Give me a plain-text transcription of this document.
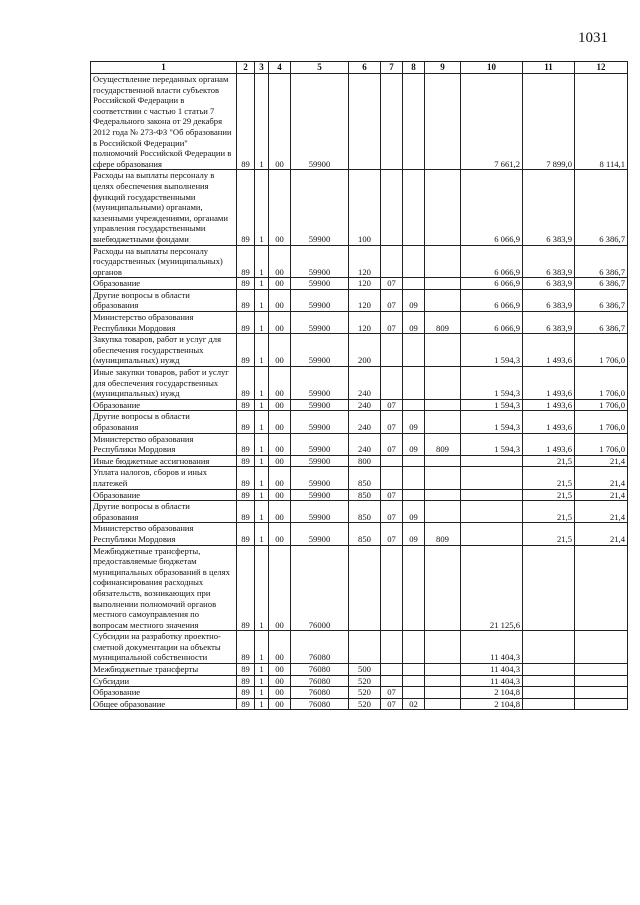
1031
1	2	3	4	5	6	7	8	9	10	11	12
Осуществление переданных органам государственной власти субъектов Российской Федерации в соответствии с частью 1 статьи 7 Федерального закона от 29 декабря 2012 года № 273-ФЗ "Об образовании в Российской Федерации" полномочий Российской Федерации в сфере образования	89	1	00	59900					7 661,2	7 899,0	8 114,1
Расходы на выплаты персоналу в целях обеспечения выполнения функций государственными (муниципальными) органами, казенными учреждениями, органами управления государственными внебюджетными фондами	89	1	00	59900	100				6 066,9	6 383,9	6 386,7
Расходы на выплаты персоналу государственных (муниципальных) органов	89	1	00	59900	120				6 066,9	6 383,9	6 386,7
Образование	89	1	00	59900	120	07			6 066,9	6 383,9	6 386,7
Другие вопросы в области образования	89	1	00	59900	120	07	09		6 066,9	6 383,9	6 386,7
Министерство образования Республики Мордовия	89	1	00	59900	120	07	09	809	6 066,9	6 383,9	6 386,7
Закупка товаров, работ и услуг для обеспечения государственных (муниципальных) нужд	89	1	00	59900	200				1 594,3	1 493,6	1 706,0
Иные закупки товаров, работ и услуг для обеспечения государственных (муниципальных) нужд	89	1	00	59900	240				1 594,3	1 493,6	1 706,0
Образование	89	1	00	59900	240	07			1 594,3	1 493,6	1 706,0
Другие вопросы в области образования	89	1	00	59900	240	07	09		1 594,3	1 493,6	1 706,0
Министерство образования Республики Мордовия	89	1	00	59900	240	07	09	809	1 594,3	1 493,6	1 706,0
Иные бюджетные ассигнования	89	1	00	59900	800					21,5	21,4
Уплата налогов, сборов и иных платежей	89	1	00	59900	850					21,5	21,4
Образование	89	1	00	59900	850	07				21,5	21,4
Другие вопросы в области образования	89	1	00	59900	850	07	09			21,5	21,4
Министерство образования Республики Мордовия	89	1	00	59900	850	07	09	809		21,5	21,4
Межбюджетные трансферты, предоставляемые бюджетам муниципальных образований в целях софинансирования расходных обязательств, возникающих при выполнении полномочий органов местного самоуправления по вопросам местного значения	89	1	00	76000					21 125,6		
Субсидии на разработку проектно-сметной документации на объекты муниципальной собственности	89	1	00	76080					11 404,3		
Межбюджетные трансферты	89	1	00	76080	500				11 404,3		
Субсидии	89	1	00	76080	520				11 404,3		
Образование	89	1	00	76080	520	07			2 104,8		
Общее образование	89	1	00	76080	520	07	02		2 104,8		
